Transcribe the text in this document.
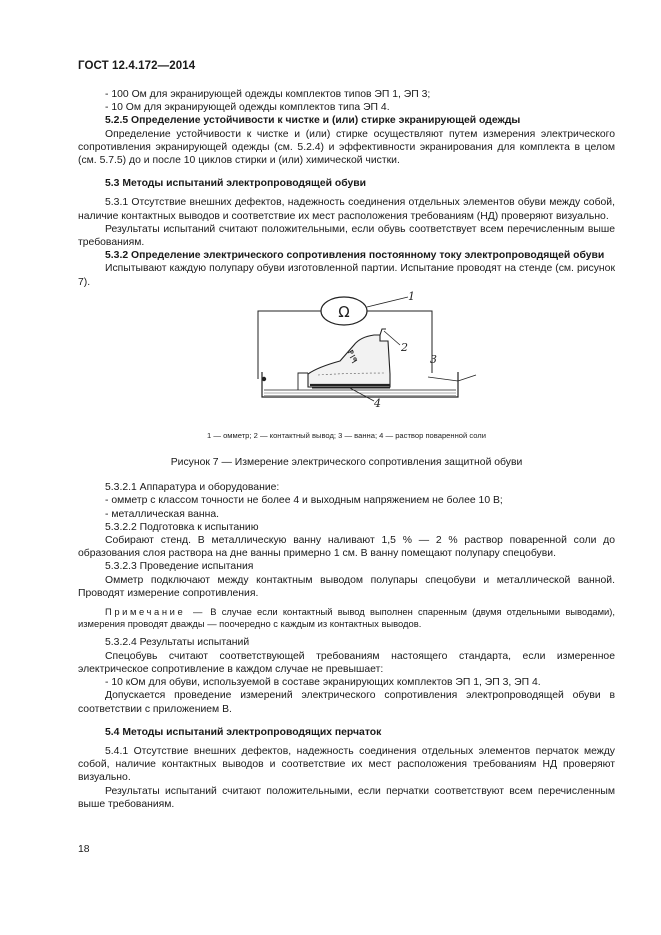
ГОСТ 12.4.172—2014

- 100 Ом для экранирующей одежды комплектов типов ЭП 1, ЭП 3;

- 10 Ом для экранирующей одежды комплектов типа ЭП 4.

5.2.5 Определение устойчивости к чистке и (или) стирке экранирующей одежды

Определение устойчивости к чистке и (или) стирке осуществляют путем измерения электрического сопротивления экранирующей одежды (см. 5.2.4) и эффективности экранирования для комплекта в целом (см. 5.7.5) до и после 10 циклов стирки и (или) химической чистки.

5.3 Методы испытаний электропроводящей обуви

5.3.1 Отсутствие внешних дефектов, надежность соединения отдельных элементов обуви между собой, наличие контактных выводов и соответствие их мест расположения требованиям (НД) проверяют визуально.

Результаты испытаний считают положительными, если обувь соответствует всем перечисленным выше требованиям.

5.3.2 Определение электрического сопротивления постоянному току электропроводящей обуви

Испытывают каждую полупару обуви изготовленной партии. Испытание проводят на стенде (см. рисунок 7).

Ω
1
2
3
4
1 — омметр; 2 — контактный вывод; 3 — ванна; 4 — раствор поваренной соли
Рисунок 7 — Измерение электрического сопротивления защитной обуви

5.3.2.1 Аппаратура и оборудование:

- омметр с классом точности не более 4 и выходным напряжением не более 10 В;

- металлическая ванна.

5.3.2.2 Подготовка к испытанию

Собирают стенд. В металлическую ванну наливают 1,5 % — 2 % раствор поваренной соли до образования слоя раствора на дне ванны примерно 1 см. В ванну помещают полупару спецобуви.

5.3.2.3 Проведение испытания

Омметр подключают между контактным выводом полупары спецобуви и металлической ванной. Проводят измерение сопротивления.

Примечание — В случае если контактный вывод выполнен спаренным (двумя отдельными выводами), измерения проводят дважды — поочередно с каждым из контактных выводов.

5.3.2.4 Результаты испытаний

Спецобувь считают соответствующей требованиям настоящего стандарта, если измеренное электрическое сопротивление в каждом случае не превышает:

- 10 кОм для обуви, используемой в составе экранирующих комплектов ЭП 1, ЭП 3, ЭП 4.

Допускается проведение измерений электрического сопротивления электропроводящей обуви в соответствии с приложением В.

5.4 Методы испытаний электропроводящих перчаток

5.4.1 Отсутствие внешних дефектов, надежность соединения отдельных элементов перчаток между собой, наличие контактных выводов и соответствие их мест расположения требованиям НД проверяют визуально.

Результаты испытаний считают положительными, если перчатки соответствуют всем перечисленным выше требованиям.

18
